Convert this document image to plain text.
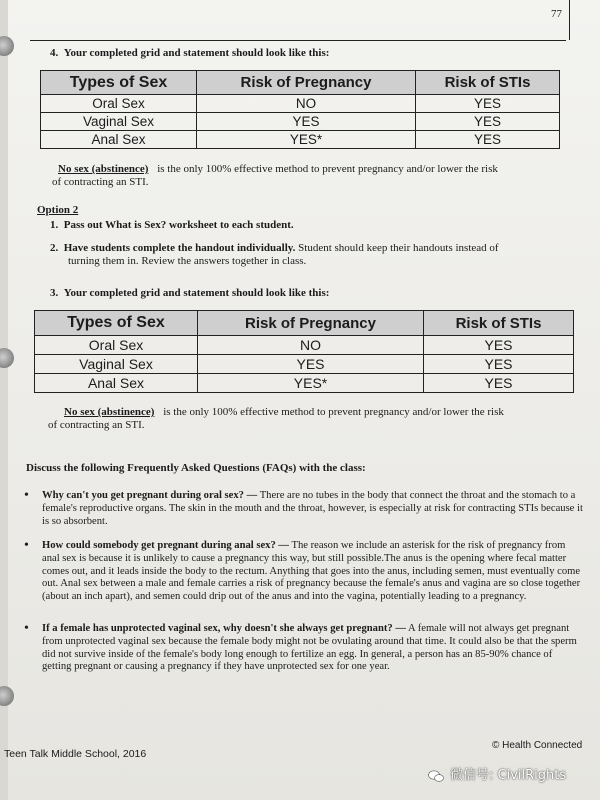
77
4. Your completed grid and statement should look like this:
Types of Sex	Risk of Pregnancy	Risk of STIs
Oral Sex	NO	YES
Vaginal Sex	YES	YES
Anal Sex	YES*	YES
No sex (abstinence) is the only 100% effective method to prevent pregnancy and/or lower the risk
of contracting an STI.
Option 2
1. Pass out What is Sex? worksheet to each student.
2. Have students complete the handout individually. Student should keep their handouts instead of
turning them in. Review the answers together in class.
3. Your completed grid and statement should look like this:
Types of Sex	Risk of Pregnancy	Risk of STIs
Oral Sex	NO	YES
Vaginal Sex	YES	YES
Anal Sex	YES*	YES
No sex (abstinence) is the only 100% effective method to prevent pregnancy and/or lower the risk
of contracting an STI.
Discuss the following Frequently Asked Questions (FAQs) with the class:
• Why can't you get pregnant during oral sex? — There are no tubes in the body that connect the throat and the stomach to a female's reproductive organs. The skin in the mouth and the throat, however, is especially at risk for contracting STIs because it is so absorbent.
• How could somebody get pregnant during anal sex? — The reason we include an asterisk for the risk of pregnancy from anal sex is because it is unlikely to cause a pregnancy this way, but still possible.The anus is the opening where fecal matter comes out, and it leads inside the body to the rectum. Anything that goes into the anus, including semen, must eventually come out. Anal sex between a male and female carries a risk of pregnancy because the female's anus and vagina are so close together (about an inch apart), and semen could drip out of the anus and into the vagina, potentially leading to a pregnancy.
• If a female has unprotected vaginal sex, why doesn't she always get pregnant? — A female will not always get pregnant from unprotected vaginal sex because the female body might not be ovulating around that time. It could also be that the sperm did not survive inside of the female's body long enough to fertilize an egg. In general, a person has an 85-90% chance of getting pregnant or causing a pregnancy if they have unprotected sex for one year.
Teen Talk Middle School, 2016
© Health Connected
微信号: CivilRights
